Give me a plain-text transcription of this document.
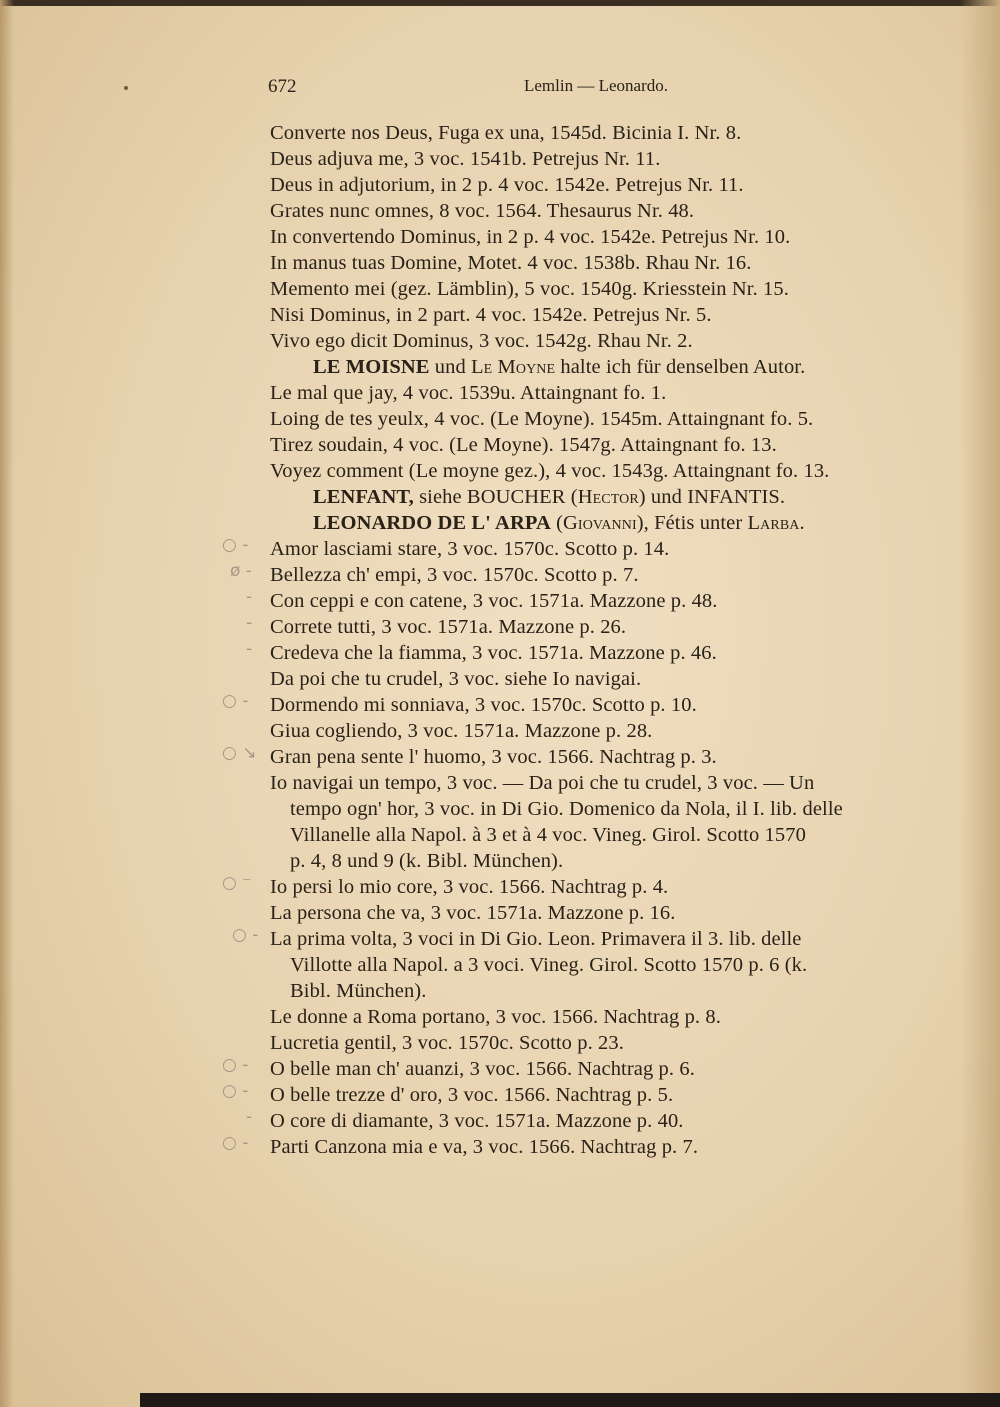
672	Lemlin — Leonardo.
Converte nos Deus, Fuga ex una, 1545d. Bicinia I. Nr. 8.
Deus adjuva me, 3 voc. 1541b. Petrejus Nr. 11.
Deus in adjutorium, in 2 p. 4 voc. 1542e. Petrejus Nr. 11.
Grates nunc omnes, 8 voc. 1564. Thesaurus Nr. 48.
In convertendo Dominus, in 2 p. 4 voc. 1542e. Petrejus Nr. 10.
In manus tuas Domine, Motet. 4 voc. 1538b. Rhau Nr. 16.
Memento mei (gez. Lämblin), 5 voc. 1540g. Kriesstein Nr. 15.
Nisi Dominus, in 2 part. 4 voc. 1542e. Petrejus Nr. 5.
Vivo ego dicit Dominus, 3 voc. 1542g. Rhau Nr. 2.
LE MOISNE und Le Moyne halte ich für denselben Autor.
Le mal que jay, 4 voc. 1539u. Attaingnant fo. 1.
Loing de tes yeulx, 4 voc. (Le Moyne). 1545m. Attaingnant fo. 5.
Tirez soudain, 4 voc. (Le Moyne). 1547g. Attaingnant fo. 13.
Voyez comment (Le moyne gez.), 4 voc. 1543g. Attaingnant fo. 13.
LENFANT, siehe BOUCHER (Hector) und INFANTIS.
LEONARDO DE L' ARPA (Giovanni), Fétis unter Larba.
Amor lasciami stare, 3 voc. 1570c. Scotto p. 14.
Bellezza ch' empi, 3 voc. 1570c. Scotto p. 7.
Con ceppi e con catene, 3 voc. 1571a. Mazzone p. 48.
Correte tutti, 3 voc. 1571a. Mazzone p. 26.
Credeva che la fiamma, 3 voc. 1571a. Mazzone p. 46.
Da poi che tu crudel, 3 voc. siehe Io navigai.
Dormendo mi sonniava, 3 voc. 1570c. Scotto p. 10.
Giua cogliendo, 3 voc. 1571a. Mazzone p. 28.
Gran pena sente l' huomo, 3 voc. 1566. Nachtrag p. 3.
Io navigai un tempo, 3 voc. — Da poi che tu crudel, 3 voc. — Un
tempo ogn' hor, 3 voc. in Di Gio. Domenico da Nola, il I. lib. delle
Villanelle alla Napol. à 3 et à 4 voc. Vineg. Girol. Scotto 1570
p. 4, 8 und 9 (k. Bibl. München).
Io persi lo mio core, 3 voc. 1566. Nachtrag p. 4.
La persona che va, 3 voc. 1571a. Mazzone p. 16.
La prima volta, 3 voci in Di Gio. Leon. Primavera il 3. lib. delle
Villotte alla Napol. a 3 voci. Vineg. Girol. Scotto 1570 p. 6 (k.
Bibl. München).
Le donne a Roma portano, 3 voc. 1566. Nachtrag p. 8.
Lucretia gentil, 3 voc. 1570c. Scotto p. 23.
O belle man ch' auanzi, 3 voc. 1566. Nachtrag p. 6.
O belle trezze d' oro, 3 voc. 1566. Nachtrag p. 5.
O core di diamante, 3 voc. 1571a. Mazzone p. 40.
Parti Canzona mia e va, 3 voc. 1566. Nachtrag p. 7.
○ -
ø -
-
-
-
○ -
○ ↘
○ ⁻
○ -
○ -
○ -
-
○ -
